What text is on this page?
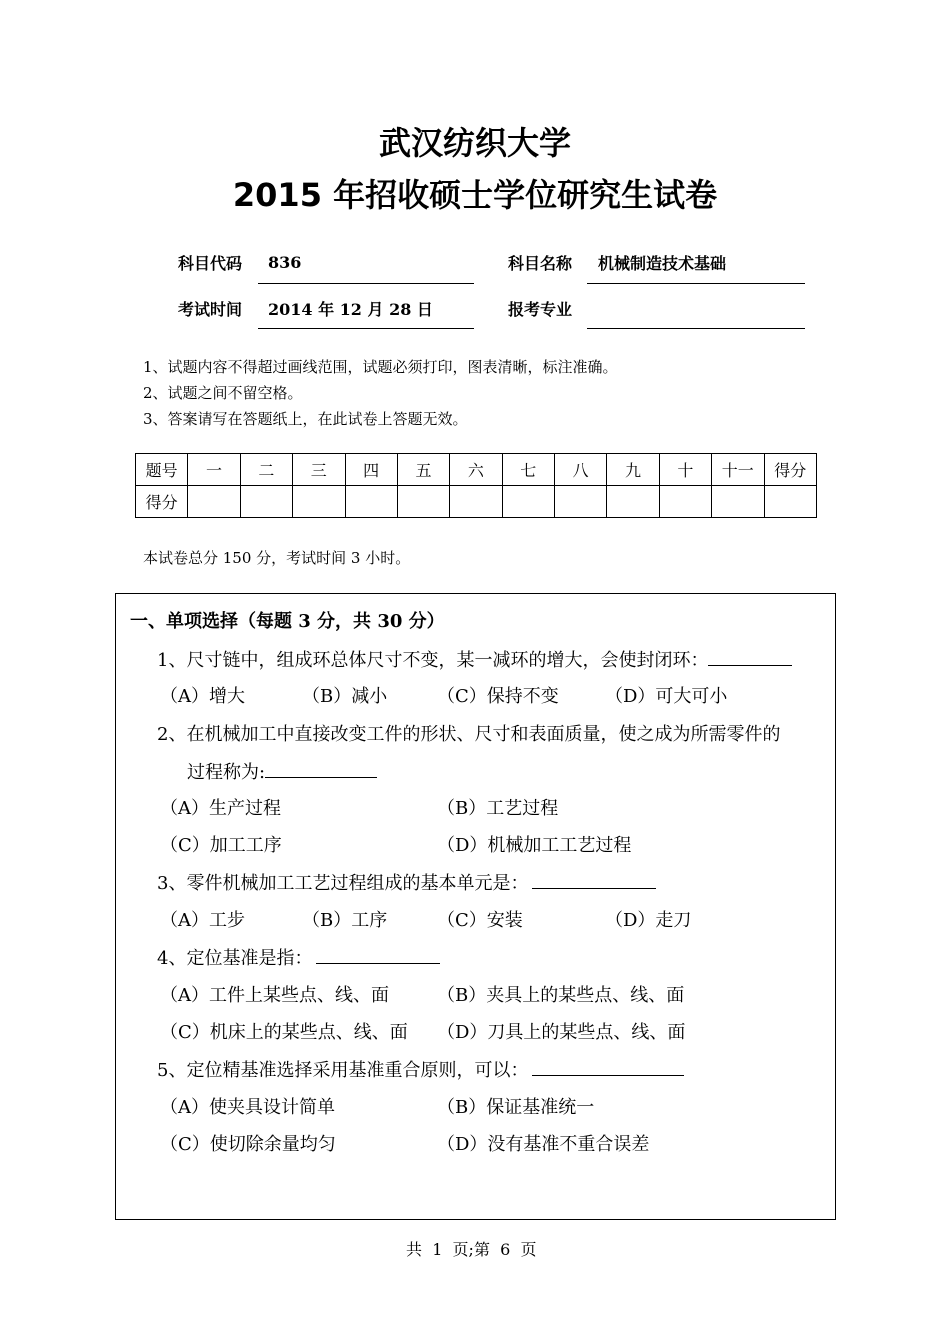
武汉纺织大学
2015 年招收硕士学位研究生试卷
科目代码 836	科目名称 机械制造技术基础
考试时间 2014 年 12 月 28 日	报考专业
1、试题内容不得超过画线范围，试题必须打印，图表清晰，标注准确。
2、试题之间不留空格。
3、答案请写在答题纸上，在此试卷上答题无效。
题号	一	二	三	四	五	六	七	八	九	十	十一	得分
得分												
本试卷总分 150 分，考试时间 3 小时。
一、单项选择（每题 3 分，共 30 分）
1、尺寸链中，组成环总体尺寸不变，某一减环的增大，会使封闭环：
（A）增大	（B）减小	（C）保持不变	（D）可大可小
2、在机械加工中直接改变工件的形状、尺寸和表面质量，使之成为所需零件的
过程称为:
（A）生产过程	（B）工艺过程
（C）加工工序	（D）机械加工工艺过程
3、零件机械加工工艺过程组成的基本单元是：
（A）工步	（B）工序	（C）安装	（D）走刀
4、定位基准是指：
（A）工件上某些点、线、面	（B）夹具上的某些点、线、面
（C）机床上的某些点、线、面 （D）刀具上的某些点、线、面
5、定位精基准选择采用基准重合原则，可以：
（A）使夹具设计简单	（B）保证基准统一
（C）使切除余量均匀	（D）没有基准不重合误差
共 1 页;第 6 页
